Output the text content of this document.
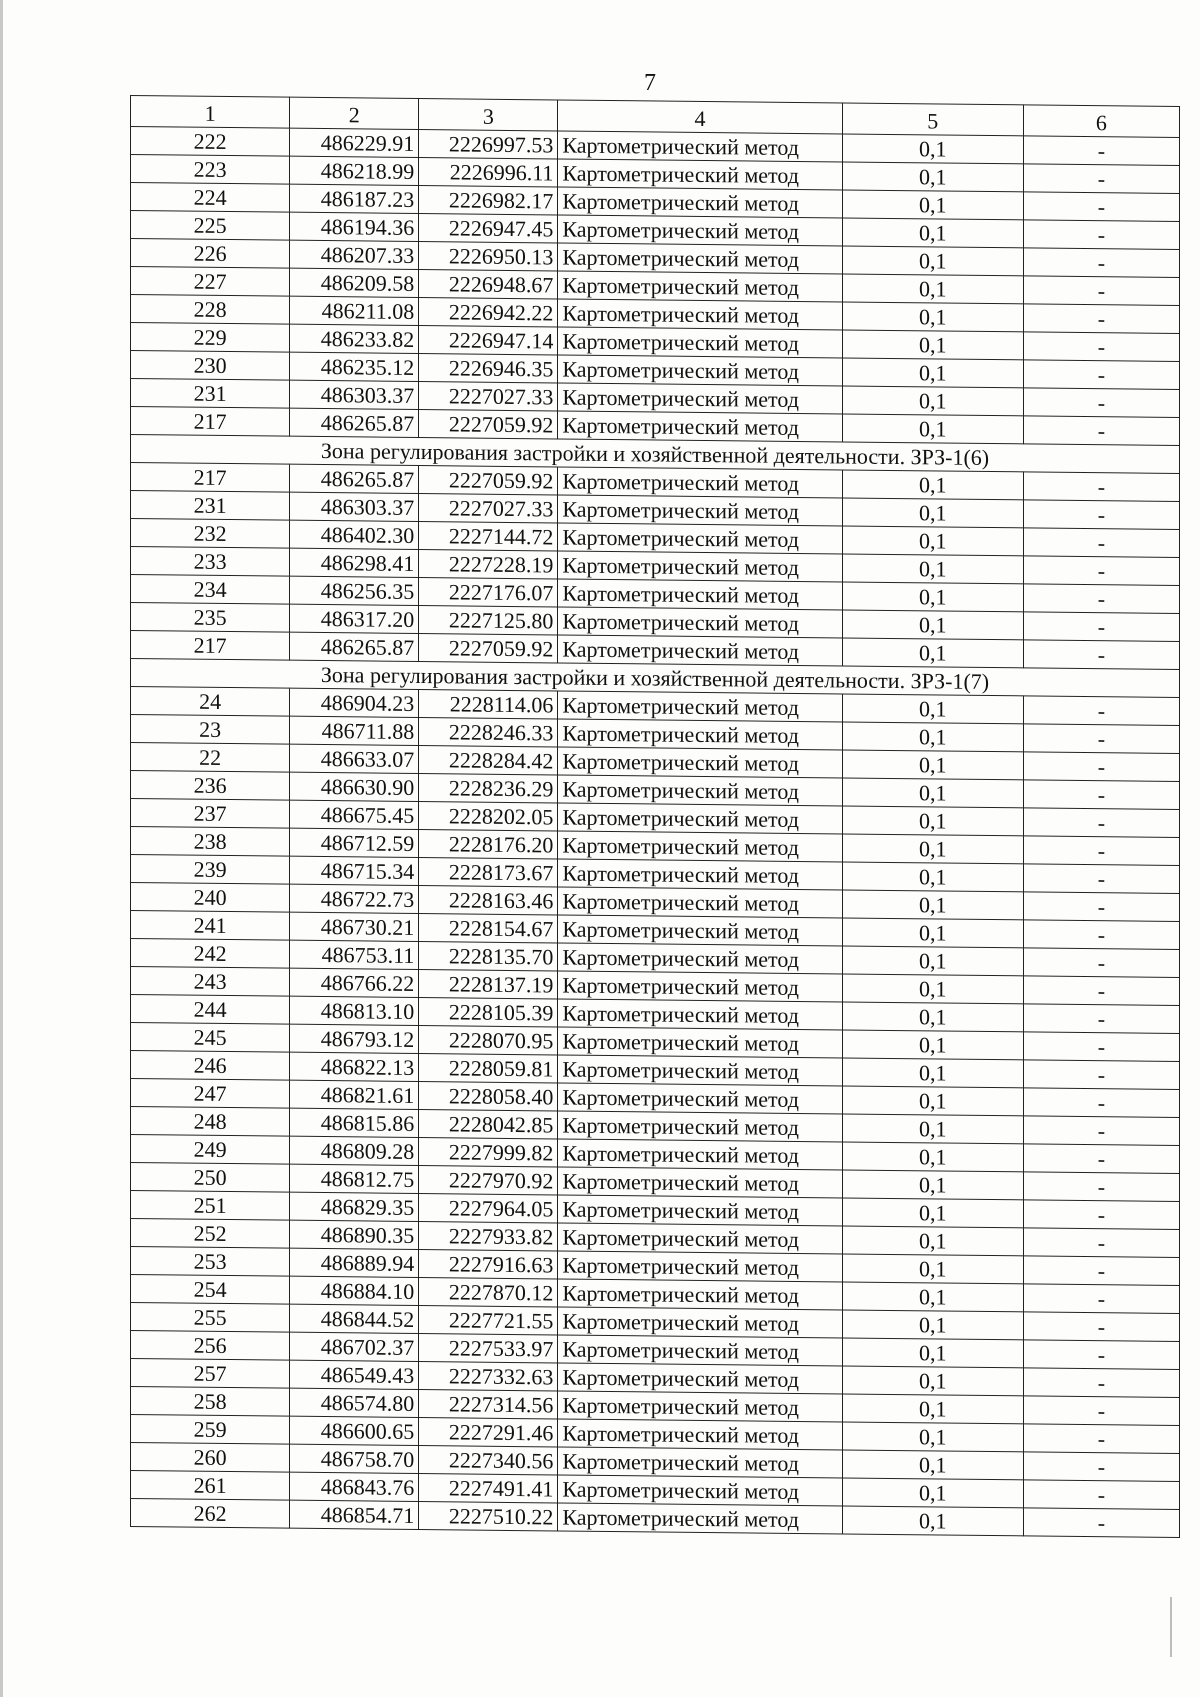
7
1	2	3	4	5	6
222	486229.91	2226997.53	Картометрический метод	0,1	-
223	486218.99	2226996.11	Картометрический метод	0,1	-
224	486187.23	2226982.17	Картометрический метод	0,1	-
225	486194.36	2226947.45	Картометрический метод	0,1	-
226	486207.33	2226950.13	Картометрический метод	0,1	-
227	486209.58	2226948.67	Картометрический метод	0,1	-
228	486211.08	2226942.22	Картометрический метод	0,1	-
229	486233.82	2226947.14	Картометрический метод	0,1	-
230	486235.12	2226946.35	Картометрический метод	0,1	-
231	486303.37	2227027.33	Картометрический метод	0,1	-
217	486265.87	2227059.92	Картометрический метод	0,1	-
Зона регулирования застройки и хозяйственной деятельности. ЗРЗ-1(6)					
217	486265.87	2227059.92	Картометрический метод	0,1	-
231	486303.37	2227027.33	Картометрический метод	0,1	-
232	486402.30	2227144.72	Картометрический метод	0,1	-
233	486298.41	2227228.19	Картометрический метод	0,1	-
234	486256.35	2227176.07	Картометрический метод	0,1	-
235	486317.20	2227125.80	Картометрический метод	0,1	-
217	486265.87	2227059.92	Картометрический метод	0,1	-
Зона регулирования застройки и хозяйственной деятельности. ЗРЗ-1(7)					
24	486904.23	2228114.06	Картометрический метод	0,1	-
23	486711.88	2228246.33	Картометрический метод	0,1	-
22	486633.07	2228284.42	Картометрический метод	0,1	-
236	486630.90	2228236.29	Картометрический метод	0,1	-
237	486675.45	2228202.05	Картометрический метод	0,1	-
238	486712.59	2228176.20	Картометрический метод	0,1	-
239	486715.34	2228173.67	Картометрический метод	0,1	-
240	486722.73	2228163.46	Картометрический метод	0,1	-
241	486730.21	2228154.67	Картометрический метод	0,1	-
242	486753.11	2228135.70	Картометрический метод	0,1	-
243	486766.22	2228137.19	Картометрический метод	0,1	-
244	486813.10	2228105.39	Картометрический метод	0,1	-
245	486793.12	2228070.95	Картометрический метод	0,1	-
246	486822.13	2228059.81	Картометрический метод	0,1	-
247	486821.61	2228058.40	Картометрический метод	0,1	-
248	486815.86	2228042.85	Картометрический метод	0,1	-
249	486809.28	2227999.82	Картометрический метод	0,1	-
250	486812.75	2227970.92	Картометрический метод	0,1	-
251	486829.35	2227964.05	Картометрический метод	0,1	-
252	486890.35	2227933.82	Картометрический метод	0,1	-
253	486889.94	2227916.63	Картометрический метод	0,1	-
254	486884.10	2227870.12	Картометрический метод	0,1	-
255	486844.52	2227721.55	Картометрический метод	0,1	-
256	486702.37	2227533.97	Картометрический метод	0,1	-
257	486549.43	2227332.63	Картометрический метод	0,1	-
258	486574.80	2227314.56	Картометрический метод	0,1	-
259	486600.65	2227291.46	Картометрический метод	0,1	-
260	486758.70	2227340.56	Картометрический метод	0,1	-
261	486843.76	2227491.41	Картометрический метод	0,1	-
262	486854.71	2227510.22	Картометрический метод	0,1	-
